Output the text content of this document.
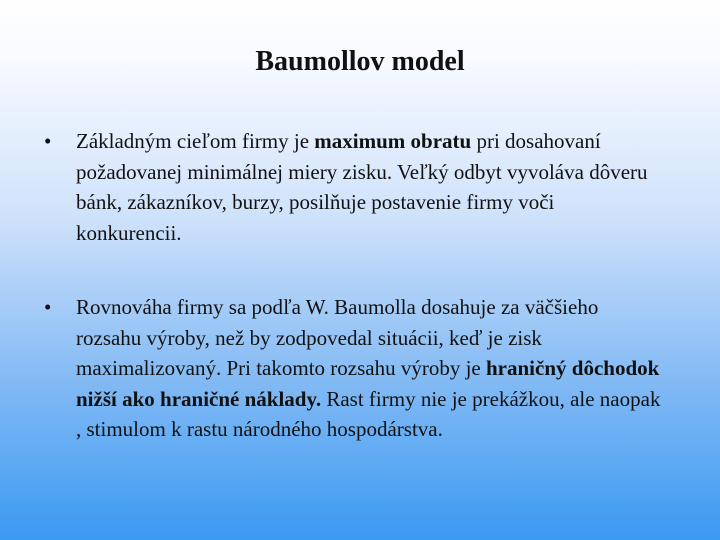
Baumollov model
• Základným cieľom firmy je maximum obratu pri dosahovaní požadovanej minimálnej miery zisku. Veľký odbyt vyvoláva dôveru bánk, zákazníkov, burzy, posilňuje postavenie firmy voči konkurencii.
• Rovnováha firmy sa podľa W. Baumolla dosahuje za väčšieho rozsahu výroby, než by zodpovedal situácii, keď je zisk maximalizovaný. Pri takomto rozsahu výroby je hraničný dôchodok nižší ako hraničné náklady. Rast firmy nie je prekážkou, ale naopak , stimulom k rastu národného hospodárstva.
